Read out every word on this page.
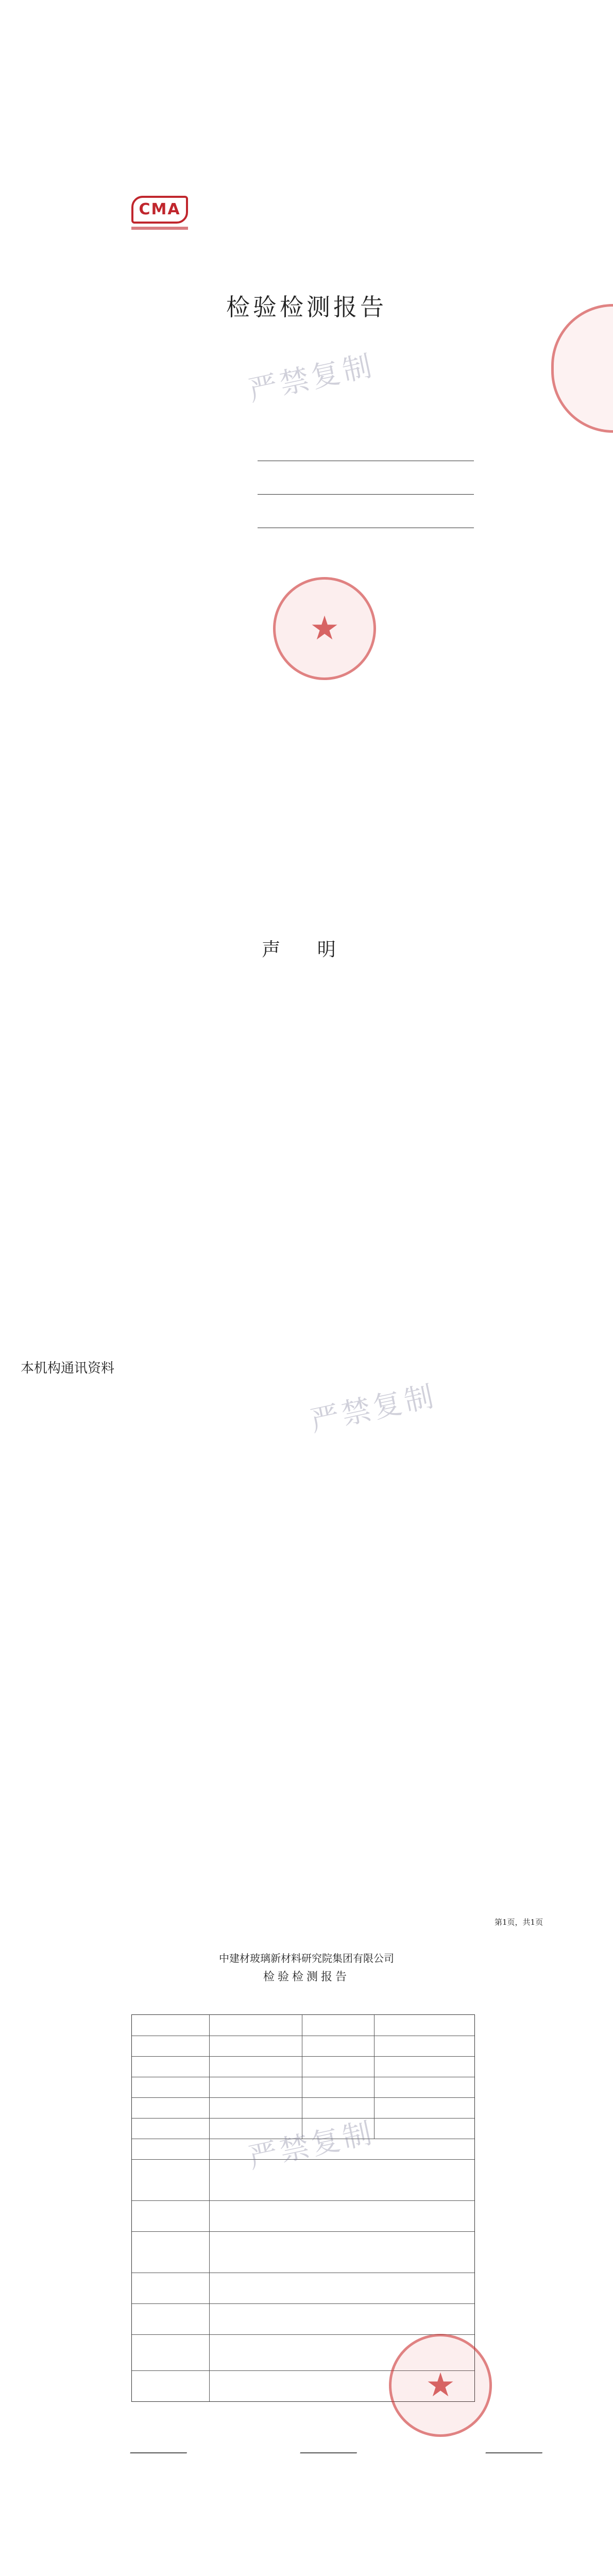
CMA
检验检测报告
严禁复制
★
声 明
严禁复制
本机构通讯资料
第1页，共1页
中建材玻璃新材料研究院集团有限公司
检验检测报告
严禁复制
★
